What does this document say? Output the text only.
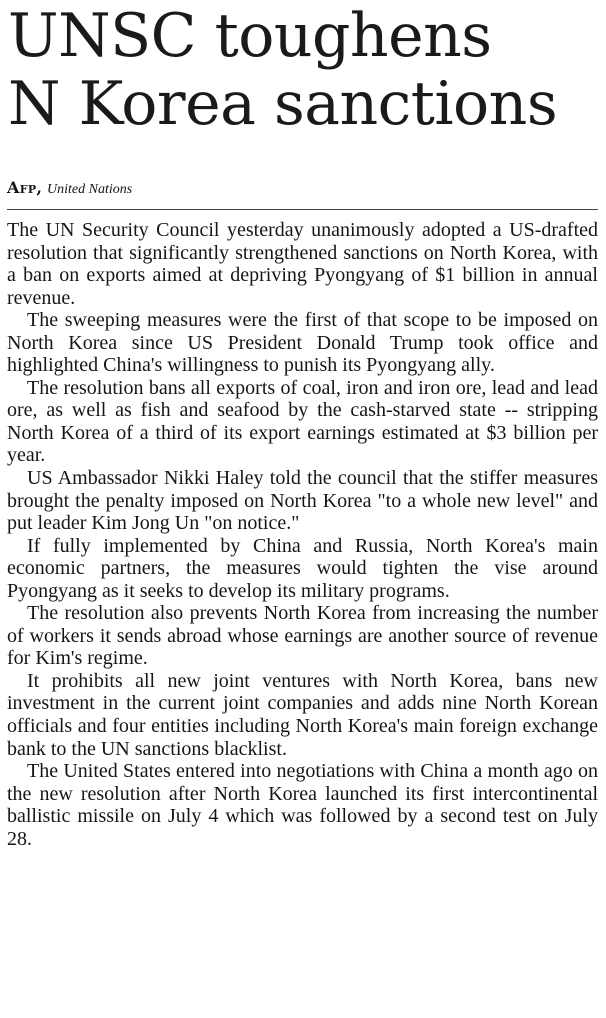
UNSC toughens
N Korea sanctions
Afp, United Nations

The UN Security Council yesterday unanimously adopted a US-drafted resolution that significantly strengthened sanctions on North Korea, with a ban on exports aimed at depriving Pyongyang of $1 billion in annual revenue.

The sweeping measures were the first of that scope to be imposed on North Korea since US President Donald Trump took office and highlighted China's willingness to punish its Pyongyang ally.

The resolution bans all exports of coal, iron and iron ore, lead and lead ore, as well as fish and seafood by the cash-starved state -- stripping North Korea of a third of its export earnings estimated at $3 billion per year.

US Ambassador Nikki Haley told the council that the stiffer measures brought the penalty imposed on North Korea "to a whole new level" and put leader Kim Jong Un "on notice."

If fully implemented by China and Russia, North Korea's main economic partners, the measures would tighten the vise around Pyongyang as it seeks to develop its military programs.

The resolution also prevents North Korea from increasing the number of workers it sends abroad whose earnings are another source of revenue for Kim's regime.

It prohibits all new joint ventures with North Korea, bans new investment in the current joint companies and adds nine North Korean officials and four entities including North Korea's main foreign exchange bank to the UN sanctions blacklist.

The United States entered into negotiations with China a month ago on the new resolution after North Korea launched its first intercontinental ballistic missile on July 4 which was followed by a second test on July 28.
